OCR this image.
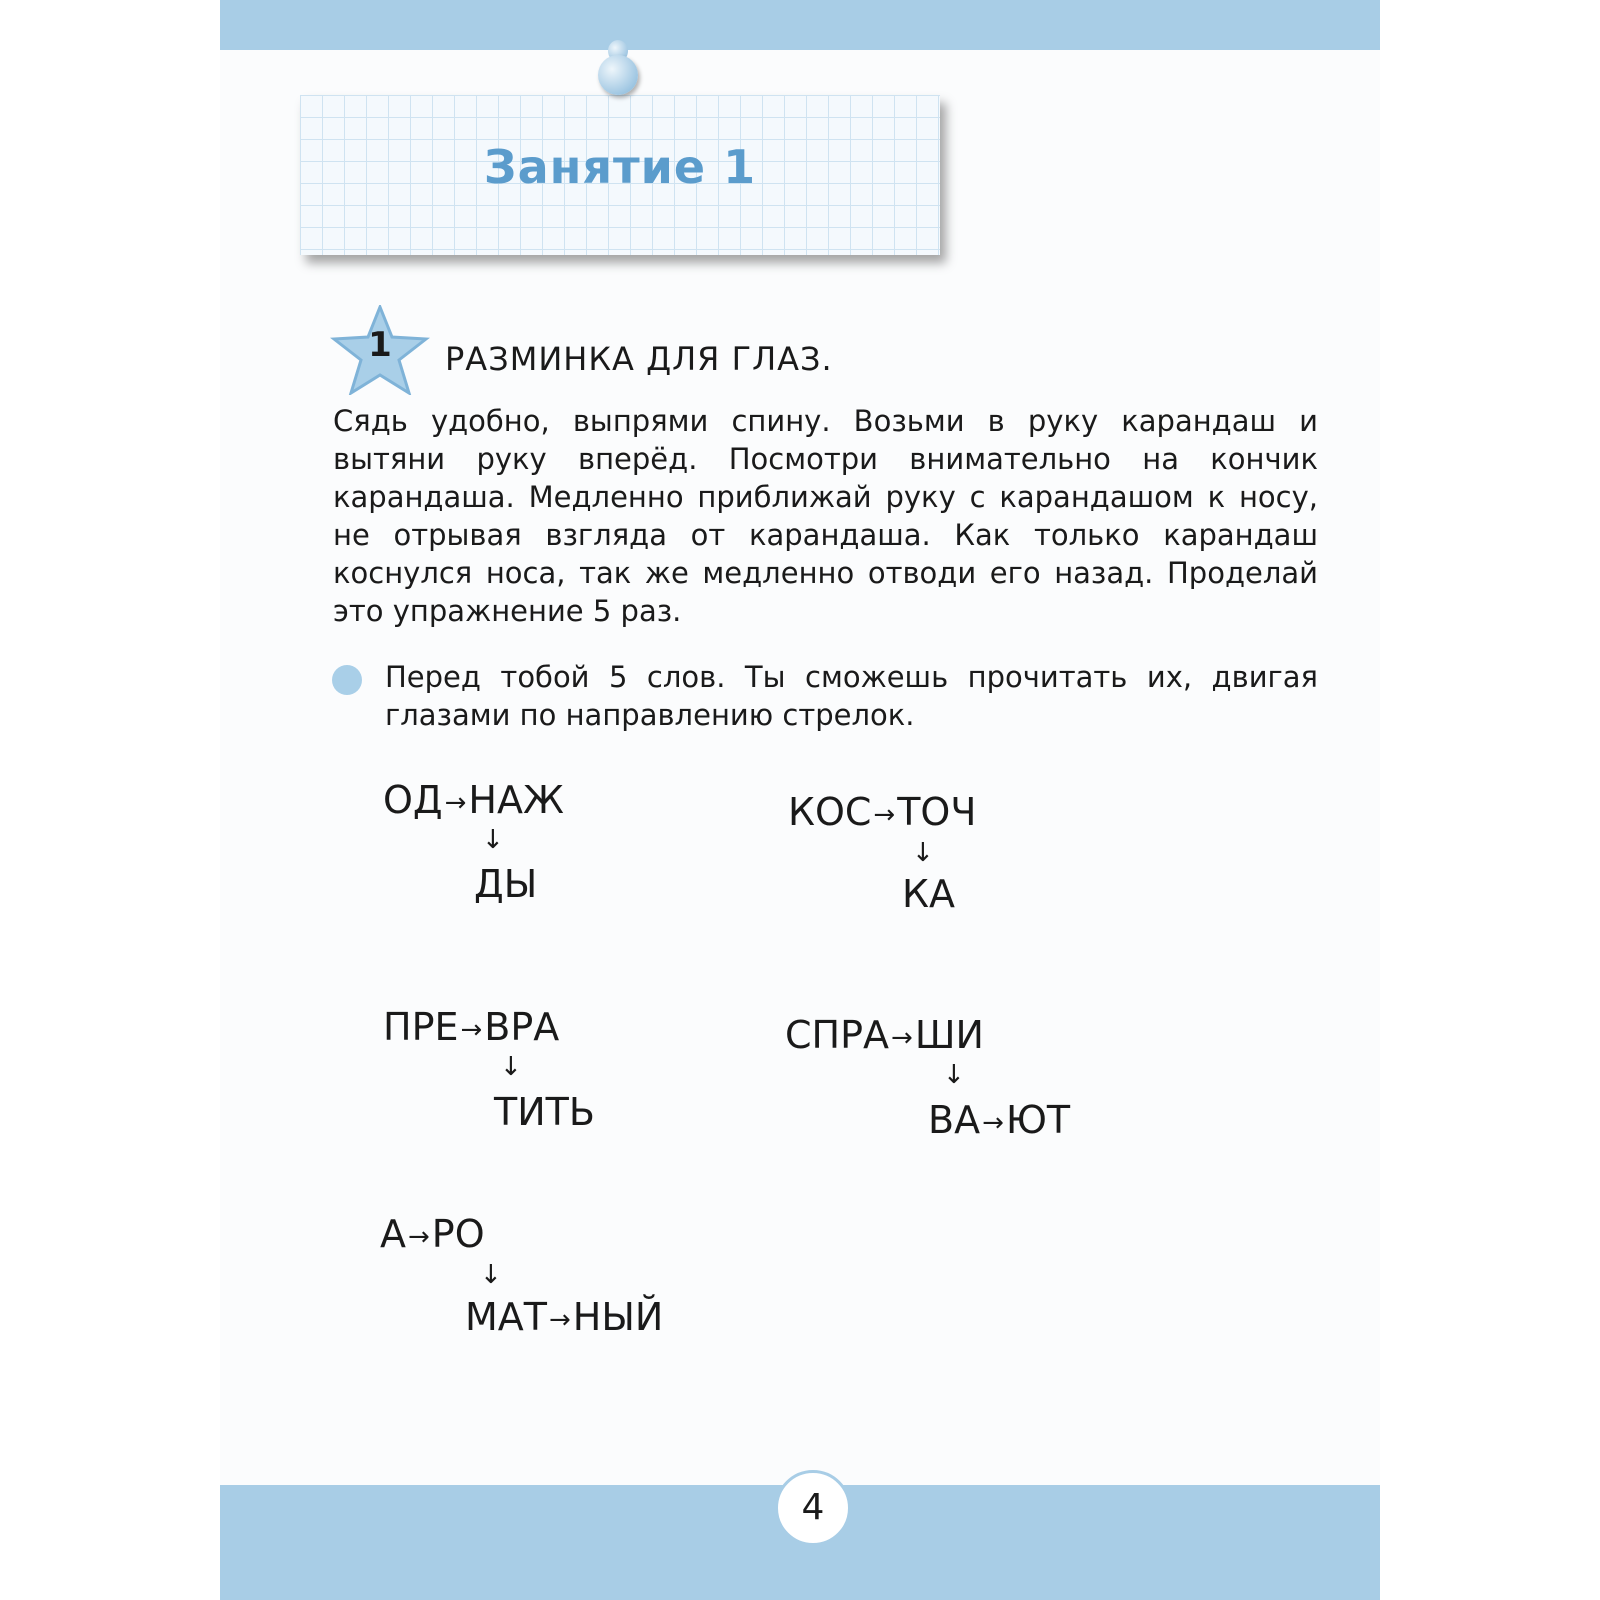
4
Занятие 1
1	РАЗМИНКА ДЛЯ ГЛАЗ.
Сядь удобно, выпрями спину. Возьми в руку карандаш и вытяни руку вперёд. Посмотри внимательно на кончик карандаша. Медленно приближай руку с карандашом к носу, не отрывая взгляда от карандаша. Как только карандаш коснулся носа, так же медленно отводи его назад. Проделай это упражнение 5 раз.
Перед тобой 5 слов. Ты сможешь прочитать их, двигая глазами по направлению стрелок.
ОД→НАЖ
↓
ДЫ
КОС→ТОЧ
↓
КА
ПРЕ→ВРА
↓
ТИТЬ
СПРА→ШИ
↓
ВА→ЮТ
А→РО
↓
МАТ→НЫЙ
